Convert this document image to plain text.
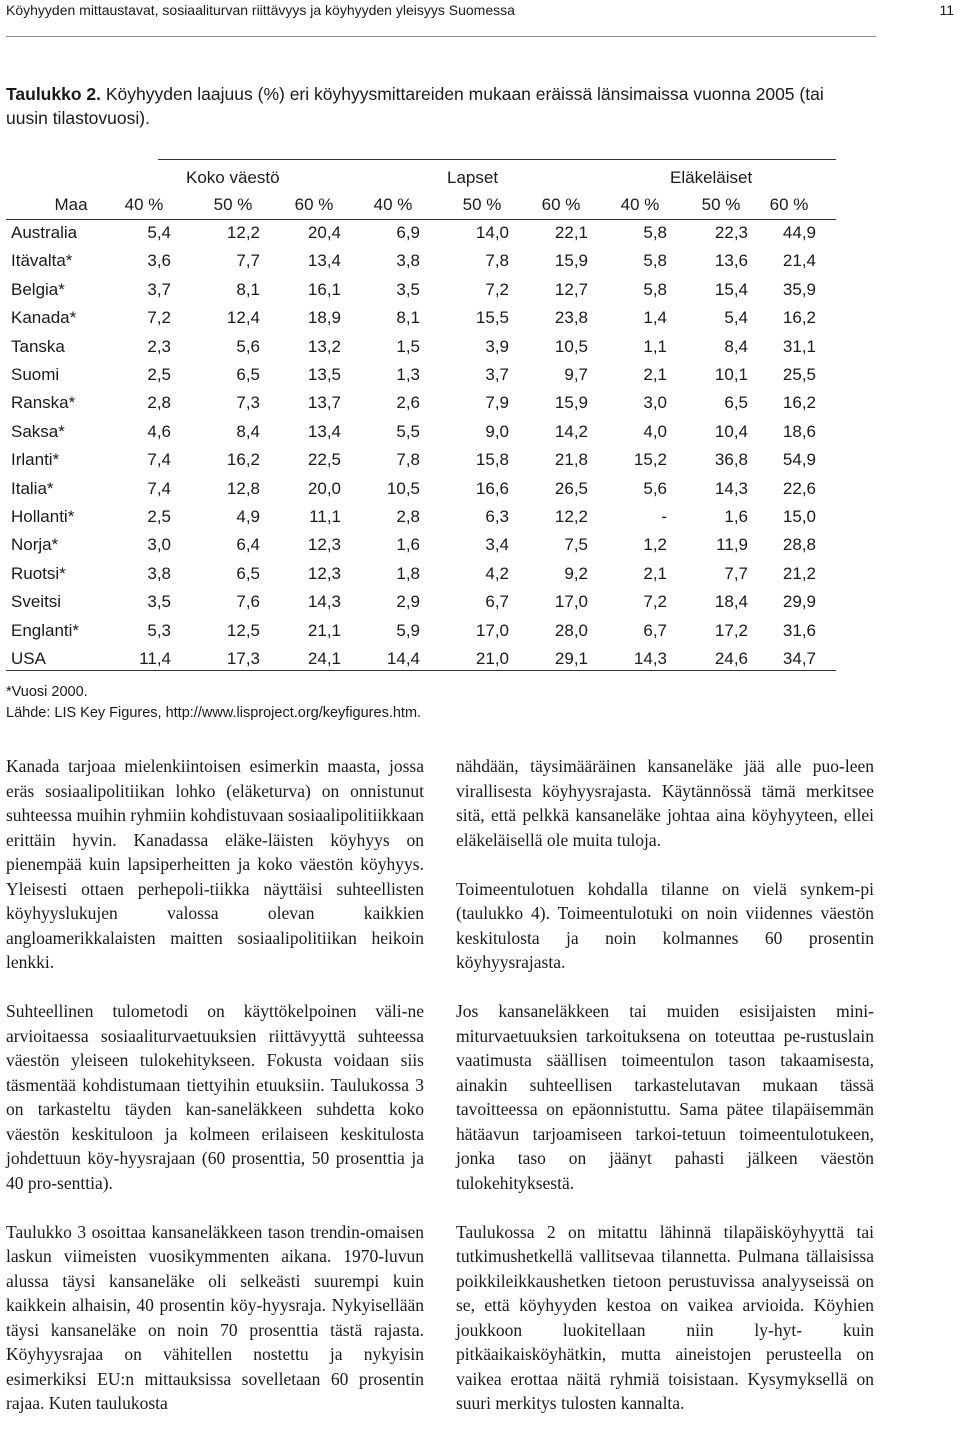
Köyhyyden mittaustavat, sosiaaliturvan riittävyys ja köyhyyden yleisyys Suomessa	11
Taulukko 2. Köyhyyden laajuus (%) eri köyhyysmittareiden mukaan eräissä länsimaissa vuonna 2005 (tai uusin tilastovuosi).
Koko väestö	Lapset	Eläkeläiset
Maa	40 %	50 %	60 %	40 %	50 %	60 %	40 %	50 %	60 %
Australia	5,4	12,2	20,4	6,9	14,0	22,1	5,8	22,3	44,9
Itävalta*	3,6	7,7	13,4	3,8	7,8	15,9	5,8	13,6	21,4
Belgia*	3,7	8,1	16,1	3,5	7,2	12,7	5,8	15,4	35,9
Kanada*	7,2	12,4	18,9	8,1	15,5	23,8	1,4	5,4	16,2
Tanska	2,3	5,6	13,2	1,5	3,9	10,5	1,1	8,4	31,1
Suomi	2,5	6,5	13,5	1,3	3,7	9,7	2,1	10,1	25,5
Ranska*	2,8	7,3	13,7	2,6	7,9	15,9	3,0	6,5	16,2
Saksa*	4,6	8,4	13,4	5,5	9,0	14,2	4,0	10,4	18,6
Irlanti*	7,4	16,2	22,5	7,8	15,8	21,8	15,2	36,8	54,9
Italia*	7,4	12,8	20,0	10,5	16,6	26,5	5,6	14,3	22,6
Hollanti*	2,5	4,9	11,1	2,8	6,3	12,2	-	1,6	15,0
Norja*	3,0	6,4	12,3	1,6	3,4	7,5	1,2	11,9	28,8
Ruotsi*	3,8	6,5	12,3	1,8	4,2	9,2	2,1	7,7	21,2
Sveitsi	3,5	7,6	14,3	2,9	6,7	17,0	7,2	18,4	29,9
Englanti*	5,3	12,5	21,1	5,9	17,0	28,0	6,7	17,2	31,6
USA	11,4	17,3	24,1	14,4	21,0	29,1	14,3	24,6	34,7
*Vuosi 2000.
Lähde: LIS Key Figures, http://www.lisproject.org/keyfigures.htm.

Kanada tarjoaa mielenkiintoisen esimerkin maasta, jossa eräs sosiaalipolitiikan lohko (eläketurva) on onnistunut suhteessa muihin ryhmiin kohdistuvaan sosiaalipolitiikkaan erittäin hyvin. Kanadassa eläke-läisten köyhyys on pienempää kuin lapsiperheitten ja koko väestön köyhyys. Yleisesti ottaen perhepoli-tiikka näyttäisi suhteellisten köyhyyslukujen valossa olevan kaikkien angloamerikkalaisten maitten sosiaalipolitiikan heikoin lenkki.

Suhteellinen tulometodi on käyttökelpoinen väli-ne arvioitaessa sosiaaliturvaetuuksien riittävyyttä suhteessa väestön yleiseen tulokehitykseen. Fokusta voidaan siis täsmentää kohdistumaan tiettyihin etuuksiin. Taulukossa 3 on tarkasteltu täyden kan-saneläkkeen suhdetta koko väestön keskituloon ja kolmeen erilaiseen keskitulosta johdettuun köy-hyysrajaan (60 prosenttia, 50 prosenttia ja 40 pro-senttia).

Taulukko 3 osoittaa kansaneläkkeen tason trendin-omaisen laskun viimeisten vuosikymmenten aikana. 1970-luvun alussa täysi kansaneläke oli selkeästi suurempi kuin kaikkein alhaisin, 40 prosentin köy-hyysraja. Nykyisellään täysi kansaneläke on noin 70 prosenttia tästä rajasta. Köyhyysrajaa on vähitellen nostettu ja nykyisin esimerkiksi EU:n mittauksissa sovelletaan 60 prosentin rajaa. Kuten taulukosta

nähdään, täysimääräinen kansaneläke jää alle puo-leen virallisesta köyhyysrajasta. Käytännössä tämä merkitsee sitä, että pelkkä kansaneläke johtaa aina köyhyyteen, ellei eläkeläisellä ole muita tuloja.

Toimeentulotuen kohdalla tilanne on vielä synkem-pi (taulukko 4). Toimeentulotuki on noin viidennes väestön keskitulosta ja noin kolmannes 60 prosentin köyhyysrajasta.

Jos kansaneläkkeen tai muiden esisijaisten mini-miturvaetuuksien tarkoituksena on toteuttaa pe-rustuslain vaatimusta säällisen toimeentulon tason takaamisesta, ainakin suhteellisen tarkastelutavan mukaan tässä tavoitteessa on epäonnistuttu. Sama pätee tilapäisemmän hätäavun tarjoamiseen tarkoi-tetuun toimeentulotukeen, jonka taso on jäänyt pahasti jälkeen väestön tulokehityksestä.

Taulukossa 2 on mitattu lähinnä tilapäisköyhyyttä tai tutkimushetkellä vallitsevaa tilannetta. Pulmana tällaisissa poikkileikkaushetken tietoon perustuvissa analyyseissä on se, että köyhyyden kestoa on vaikea arvioida. Köyhien joukkoon luokitellaan niin ly-hyt- kuin pitkäaikaisköyhätkin, mutta aineistojen perusteella on vaikea erottaa näitä ryhmiä toisistaan. Kysymyksellä on suuri merkitys tulosten kannalta.
